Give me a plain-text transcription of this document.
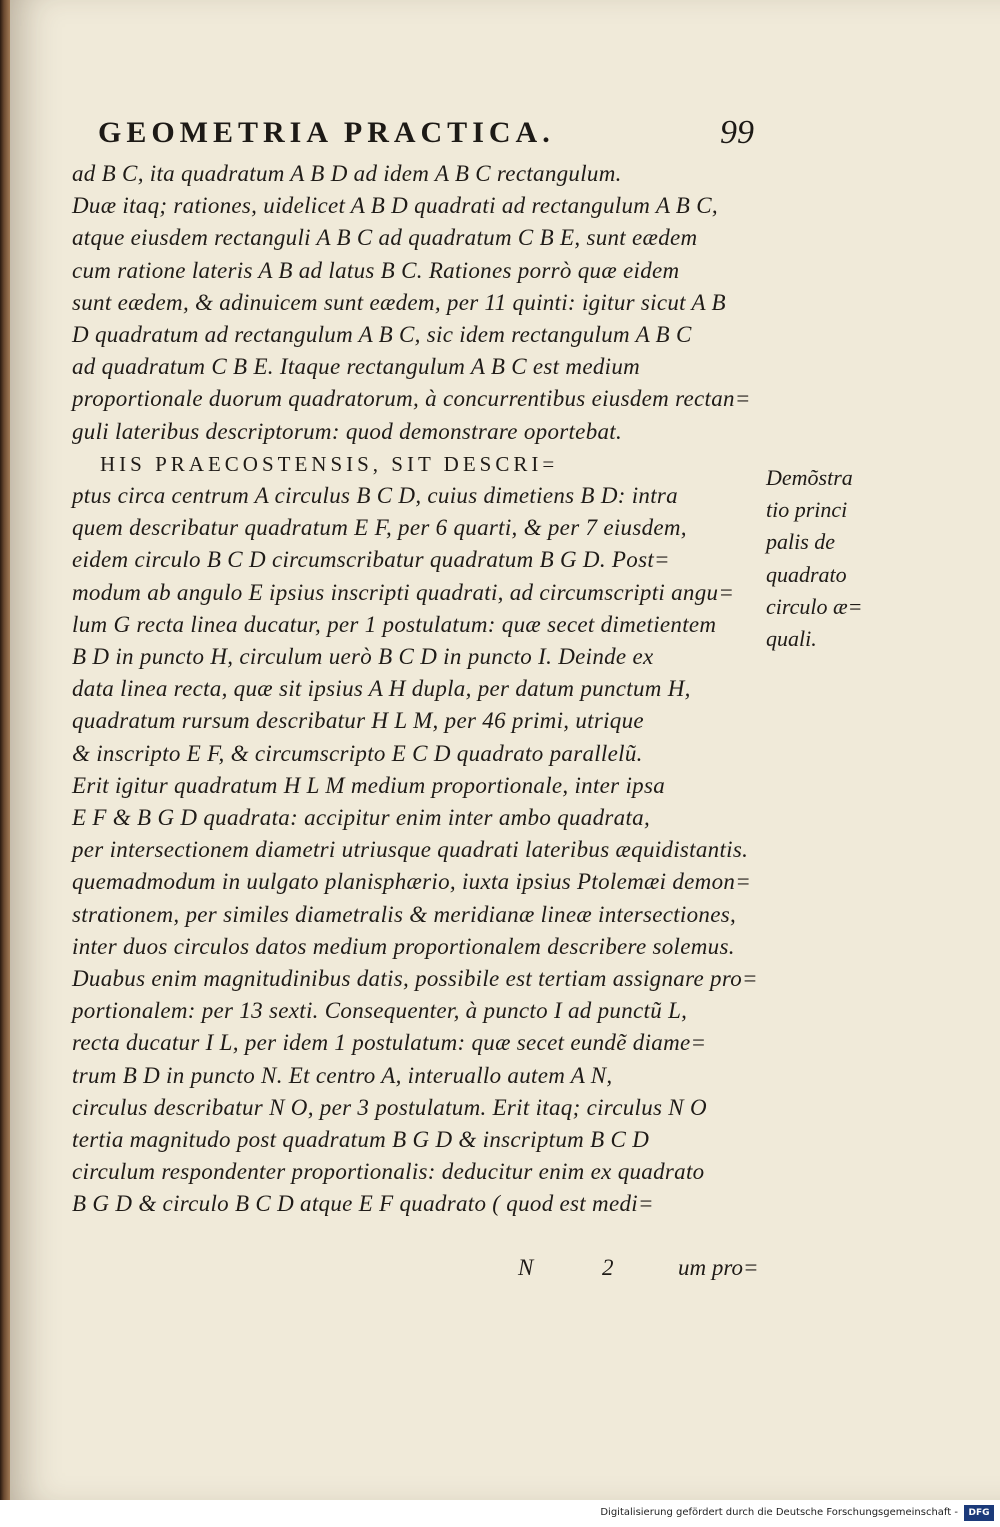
GEOMETRIA PRACTICA.	99
ad B C, ita quadratum A B D ad idem A B C rectangulum.
Duæ itaq; rationes, uidelicet A B D quadrati ad rectangulum A B C,
atque eiusdem rectanguli A B C ad quadratum C B E, sunt eædem
cum ratione lateris A B ad latus B C. Rationes porrò quæ eidem
sunt eædem, & adinuicem sunt eædem, per 11 quinti: igitur sicut A B
D quadratum ad rectangulum A B C, sic idem rectangulum A B C
ad quadratum C B E. Itaque rectangulum A B C est medium
proportionale duorum quadratorum, à concurrentibus eiusdem rectan=
guli lateribus descriptorum: quod demonstrare oportebat.
HIS PRAECOSTENSIS, SIT DESCRI=
ptus circa centrum A circulus B C D, cuius dimetiens B D: intra
quem describatur quadratum E F, per 6 quarti, & per 7 eiusdem,
eidem circulo B C D circumscribatur quadratum B G D. Post=
modum ab angulo E ipsius inscripti quadrati, ad circumscripti angu=
lum G recta linea ducatur, per 1 postulatum: quæ secet dimetientem
B D in puncto H, circulum uerò B C D in puncto I. Deinde ex
data linea recta, quæ sit ipsius A H dupla, per datum punctum H,
quadratum rursum describatur H L M, per 46 primi, utrique
& inscripto E F, & circumscripto E C D quadrato parallelũ.
Erit igitur quadratum H L M medium proportionale, inter ipsa
E F & B G D quadrata: accipitur enim inter ambo quadrata,
per intersectionem diametri utriusque quadrati lateribus æquidistantis.
quemadmodum in uulgato planisphærio, iuxta ipsius Ptolemæi demon=
strationem, per similes diametralis & meridianæ lineæ intersectiones,
inter duos circulos datos medium proportionalem describere solemus.
Duabus enim magnitudinibus datis, possibile est tertiam assignare pro=
portionalem: per 13 sexti. Consequenter, à puncto I ad punctũ L,
recta ducatur I L, per idem 1 postulatum: quæ secet eundẽ diame=
trum B D in puncto N. Et centro A, interuallo autem A N,
circulus describatur N O, per 3 postulatum. Erit itaq; circulus N O
tertia magnitudo post quadratum B G D & inscriptum B C D
circulum respondenter proportionalis: deducitur enim ex quadrato
B G D & circulo B C D atque E F quadrato ( quod est medi=
Demõstra
tio princi
palis de
quadrato
circulo æ=
quali.
N	2	um pro=
Digitalisierung gefördert durch die Deutsche Forschungsgemeinschaft -	DFG
